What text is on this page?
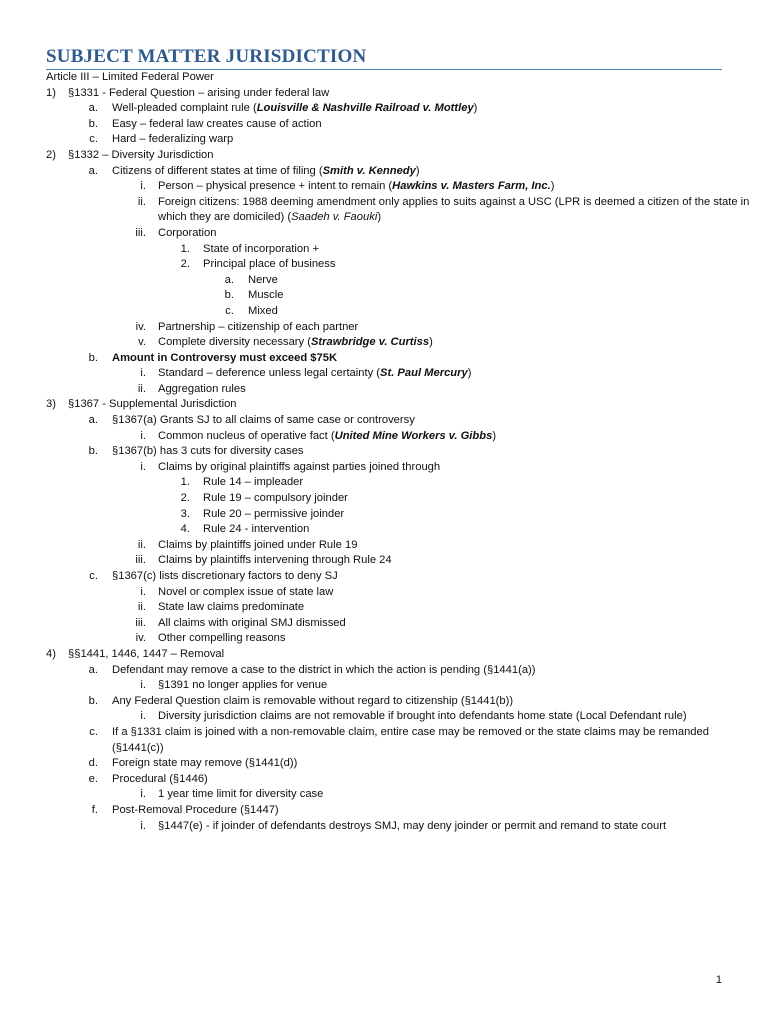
SUBJECT MATTER JURISDICTION
Article III – Limited Federal Power
1)	§1331 - Federal Question – arising under federal law
a. Well-pleaded complaint rule (Louisville & Nashville Railroad v. Mottley)
b. Easy – federal law creates cause of action
c. Hard – federalizing warp
2)	§1332 – Diversity Jurisdiction
a. Citizens of different states at time of filing (Smith v. Kennedy)
i. Person – physical presence + intent to remain (Hawkins v. Masters Farm, Inc.)
ii. Foreign citizens: 1988 deeming amendment only applies to suits against a USC (LPR is deemed a citizen of the state in which they are domiciled) (Saadeh v. Faouki)
iii. Corporation
1. State of incorporation +
2. Principal place of business
a. Nerve
b. Muscle
c. Mixed
iv. Partnership – citizenship of each partner
v. Complete diversity necessary (Strawbridge v. Curtiss)
b. Amount in Controversy must exceed $75K
i. Standard – deference unless legal certainty (St. Paul Mercury)
ii. Aggregation rules
3)	§1367 - Supplemental Jurisdiction
a. §1367(a) Grants SJ to all claims of same case or controversy
i. Common nucleus of operative fact (United Mine Workers v. Gibbs)
b. §1367(b) has 3 cuts for diversity cases
i. Claims by original plaintiffs against parties joined through
1. Rule 14 – impleader
2. Rule 19 – compulsory joinder
3. Rule 20 – permissive joinder
4. Rule 24 - intervention
ii. Claims by plaintiffs joined under Rule 19
iii. Claims by plaintiffs intervening through Rule 24
c. §1367(c) lists discretionary factors to deny SJ
i. Novel or complex issue of state law
ii. State law claims predominate
iii. All claims with original SMJ dismissed
iv. Other compelling reasons
4)	§§1441, 1446, 1447 – Removal
a. Defendant may remove a case to the district in which the action is pending (§1441(a))
i. §1391 no longer applies for venue
b. Any Federal Question claim is removable without regard to citizenship (§1441(b))
i. Diversity jurisdiction claims are not removable if brought into defendants home state (Local Defendant rule)
c. If a §1331 claim is joined with a non-removable claim, entire case may be removed or the state claims may be remanded (§1441(c))
d. Foreign state may remove (§1441(d))
e. Procedural (§1446)
i. 1 year time limit for diversity case
f. Post-Removal Procedure (§1447)
i. §1447(e) - if joinder of defendants destroys SMJ, may deny joinder or permit and remand to state court
1
